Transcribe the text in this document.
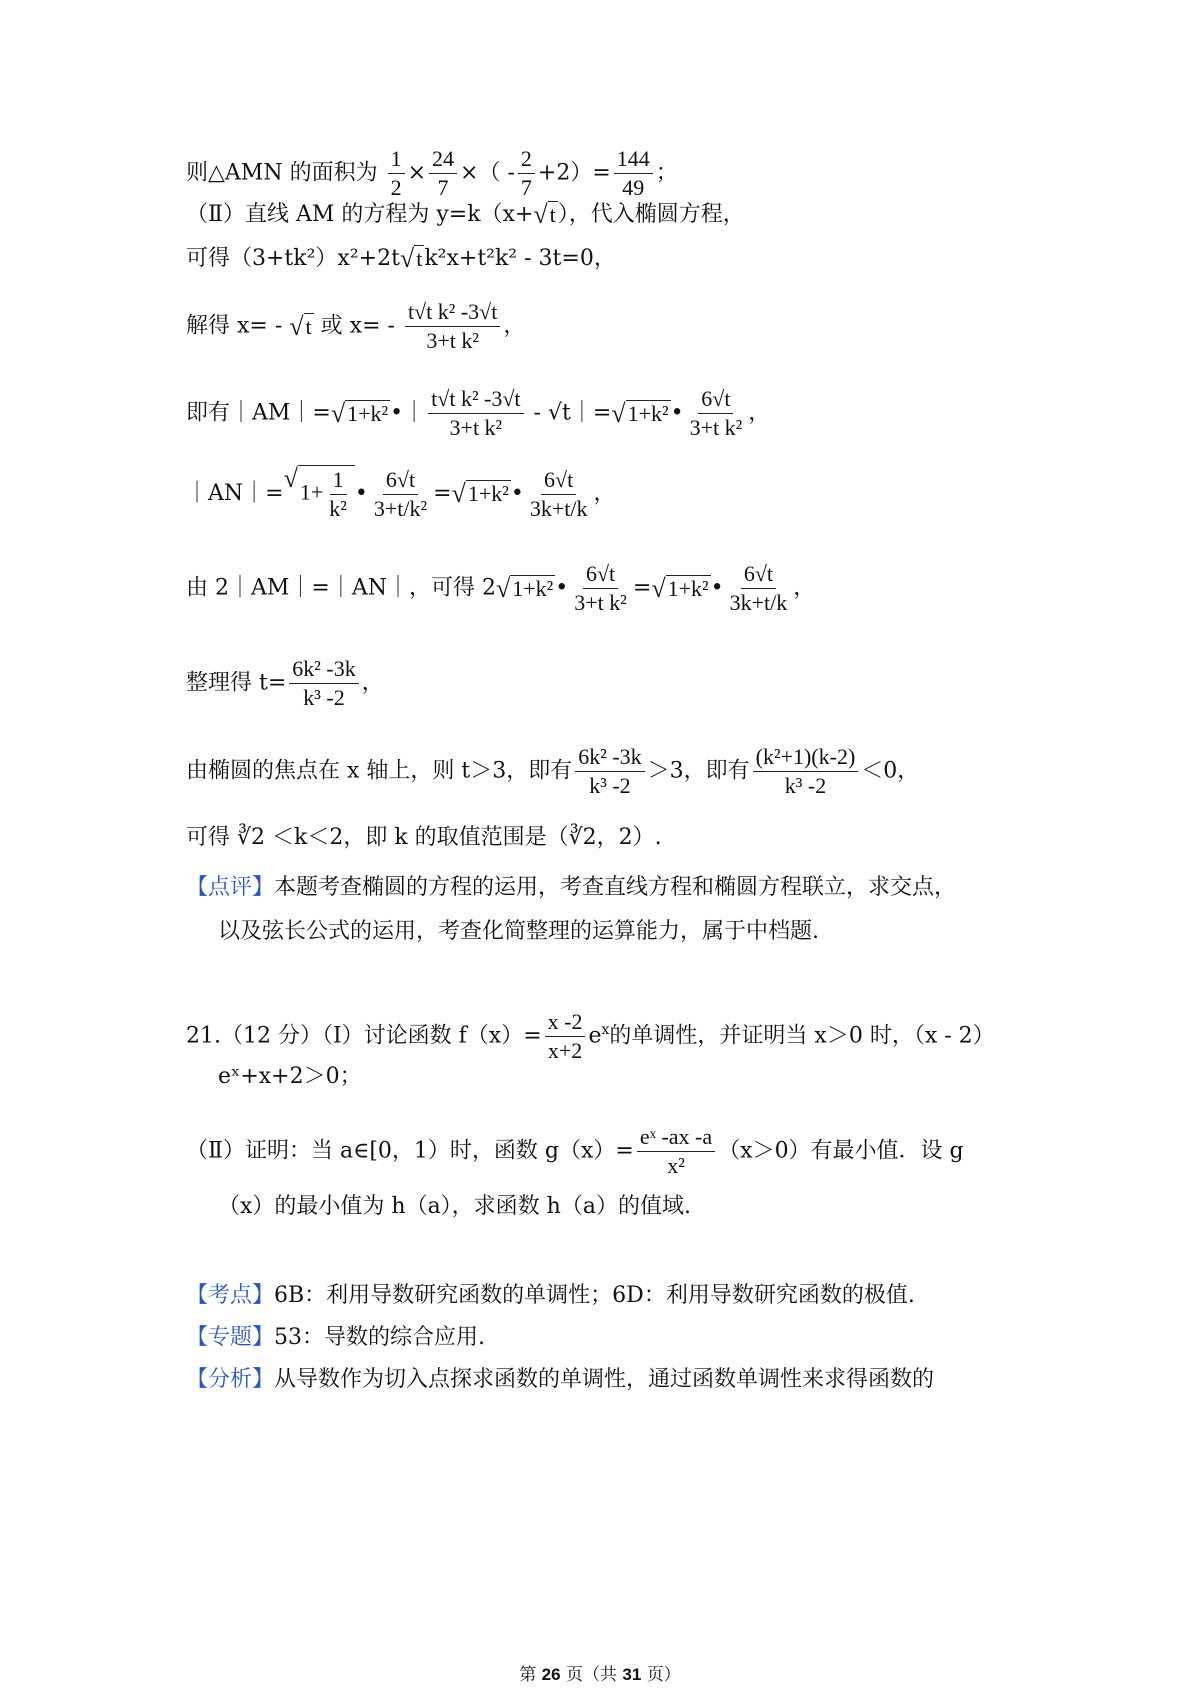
则△AMN 的面积为 $\frac{1}{2} \times \frac{24}{7}$ ×（ - $\frac{2}{7} +2)= \frac{144}{49}$ ；
（Ⅱ）直线 AM 的方程为 y=k（x+ √ t ），代入椭圆方程，
可得（3+tk²）x²+2t √ t k²x+t²k² - 3t=0，
解得 x= - √ t 或 $x= - \frac{\text{t√t k² -3√t}}{\text{3+t k²}}$ ，
即有｜AM｜= √ 1+k² •｜ $\frac{\text{t√t k² -3√t}}{\text{3+t k²}}$ - √t｜= √ 1+k² • $\frac{6√t}{\text{3+t k²}}$ ，
｜AN｜=
√ $1+ \frac{1}{\text{k²}}$ • $\frac{6√t}{\text{3+t/k²}}$ = √ 1+k² • $\frac{6√t}{3k+t/k}$ ，
由 2｜AM｜=｜AN｜，可得 2 √ 1+k² • $\frac{6√t}{\text{3+t k²}}$ = √ 1+k² • $\frac{6√t}{3k+t/k}$ ，
整理得 $t= \frac{\text{6k² -3k}}{\text{k³ -2}}$ ，
由椭圆的焦点在 x 轴上，则 t＞3，即有 $\frac{\text{6k² -3k}}{\text{k³ -2}} >3$，即有 $\frac{\text{(k²+1)(k-2)}}{\text{k³ -2}} <0$，
可得 ∛2 ＜k＜2，即 k 的取值范围是（∛2，2）.
【点评】本题考查椭圆的方程的运用，考查直线方程和椭圆方程联立，求交点，
以及弦长公式的运用，考查化简整理的运算能力，属于中档题.
21.（12 分）（Ⅰ）讨论函数 $f(x)= \frac{x -2}{x+2} e^x$的单调性，并证明当 x＞0 时，（x - 2）
eˣ+x+2＞0；
（Ⅱ）证明：当 a∈[0，1）时，函数 $g(x)= \frac{\text{eˣ -ax -a}}{\text{x²}} (x>0)$有最小值．设 g
（x）的最小值为 h（a），求函数 h（a）的值域.
【考点】6B：利用导数研究函数的单调性；6D：利用导数研究函数的极值.
【专题】53：导数的综合应用.
【分析】从导数作为切入点探求函数的单调性，通过函数单调性来求得函数的
第 26 页（共 31 页）
